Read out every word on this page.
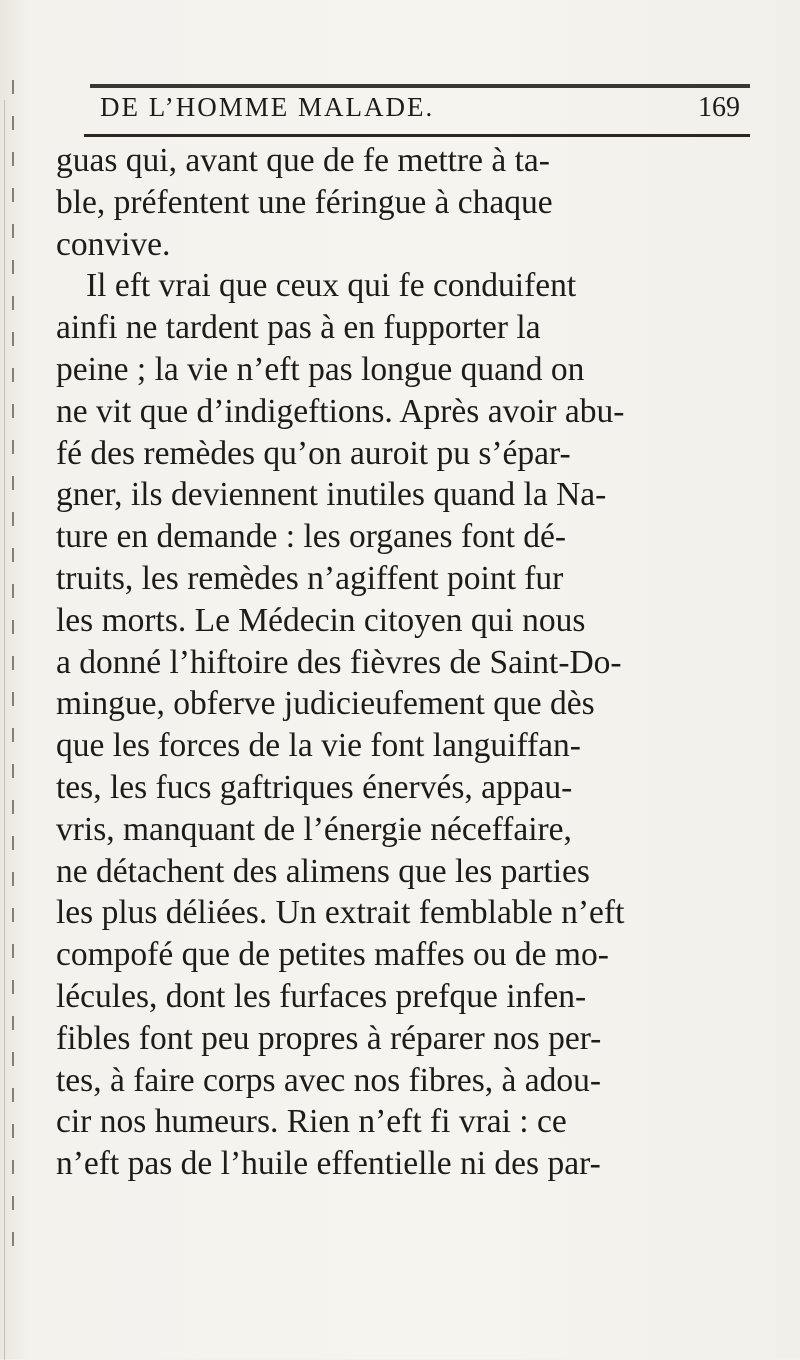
DE L’HOMME MALADE.	169
guas qui, avant que de fe mettre à ta-
ble, préfentent une féringue à chaque
convive.
Il eft vrai que ceux qui fe conduifent
ainfi ne tardent pas à en fupporter la
peine ; la vie n’eft pas longue quand on
ne vit que d’indigeftions. Après avoir abu-
fé des remèdes qu’on auroit pu s’épar-
gner, ils deviennent inutiles quand la Na-
ture en demande : les organes font dé-
truits, les remèdes n’agiffent point fur
les morts. Le Médecin citoyen qui nous
a donné l’hiftoire des fièvres de Saint-Do-
mingue, obferve judicieufement que dès
que les forces de la vie font languiffan-
tes, les fucs gaftriques énervés, appau-
vris, manquant de l’énergie néceffaire,
ne détachent des alimens que les parties
les plus déliées. Un extrait femblable n’eft
compofé que de petites maffes ou de mo-
lécules, dont les furfaces prefque infen-
fibles font peu propres à réparer nos per-
tes, à faire corps avec nos fibres, à adou-
cir nos humeurs. Rien n’eft fi vrai : ce
n’eft pas de l’huile effentielle ni des par-
